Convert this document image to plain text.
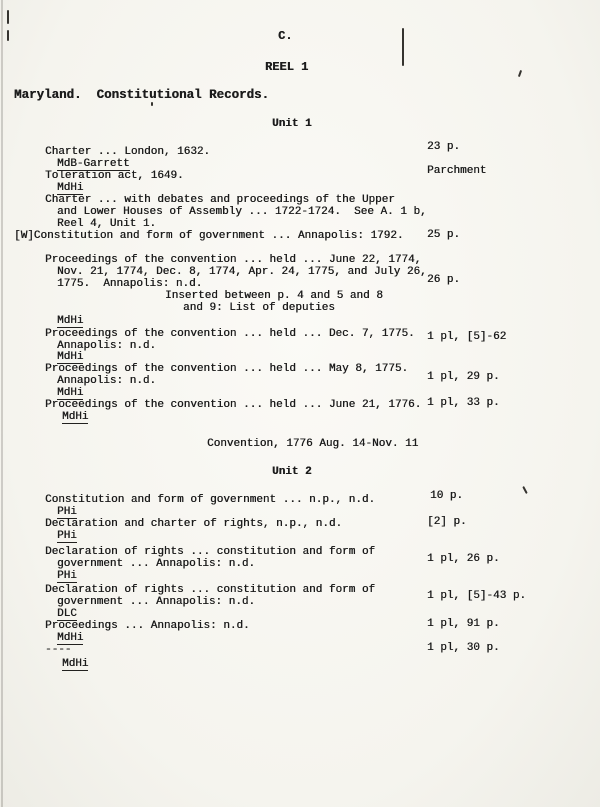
C.
REEL 1
Maryland.  Constitutional Records.
Unit 1
Charter ... London, 1632.
MdB-Garrett
23 p.
Toleration act, 1649.
MdHi
Parchment
Charter ... with debates and proceedings of the Upper
and Lower Houses of Assembly ... 1722-1724.  See A. 1 b,
Reel 4, Unit 1.
[W]Constitution and form of government ... Annapolis: 1792. 25 p.
Proceedings of the convention ... held ... June 22, 1774,
Nov. 21, 1774, Dec. 8, 1774, Apr. 24, 1775, and July 26,
1775.  Annapolis: n.d.
Inserted between p. 4 and 5 and 8
and 9: List of deputies
MdHi
26 p.
Proceedings of the convention ... held ... Dec. 7, 1775.
Annapolis: n.d.
MdHi
1 pl, [5]-62
Proceedings of the convention ... held ... May 8, 1775.
Annapolis: n.d.
MdHi
1 pl, 29 p.
Proceedings of the convention ... held ... June 21, 1776.
MdHi
1 pl, 33 p.
Convention, 1776 Aug. 14-Nov. 11
Unit 2
Constitution and form of government ... n.p., n.d.
PHi
10 p.
Declaration and charter of rights, n.p., n.d.
PHi
[2] p.
Declaration of rights ... constitution and form of
government ... Annapolis: n.d.
PHi
1 pl, 26 p.
Declaration of rights ... constitution and form of
government ... Annapolis: n.d.
DLC
1 pl, [5]-43 p.
Proceedings ... Annapolis: n.d.
MdHi
1 pl, 91 p.
----
MdHi
1 pl, 30 p.
